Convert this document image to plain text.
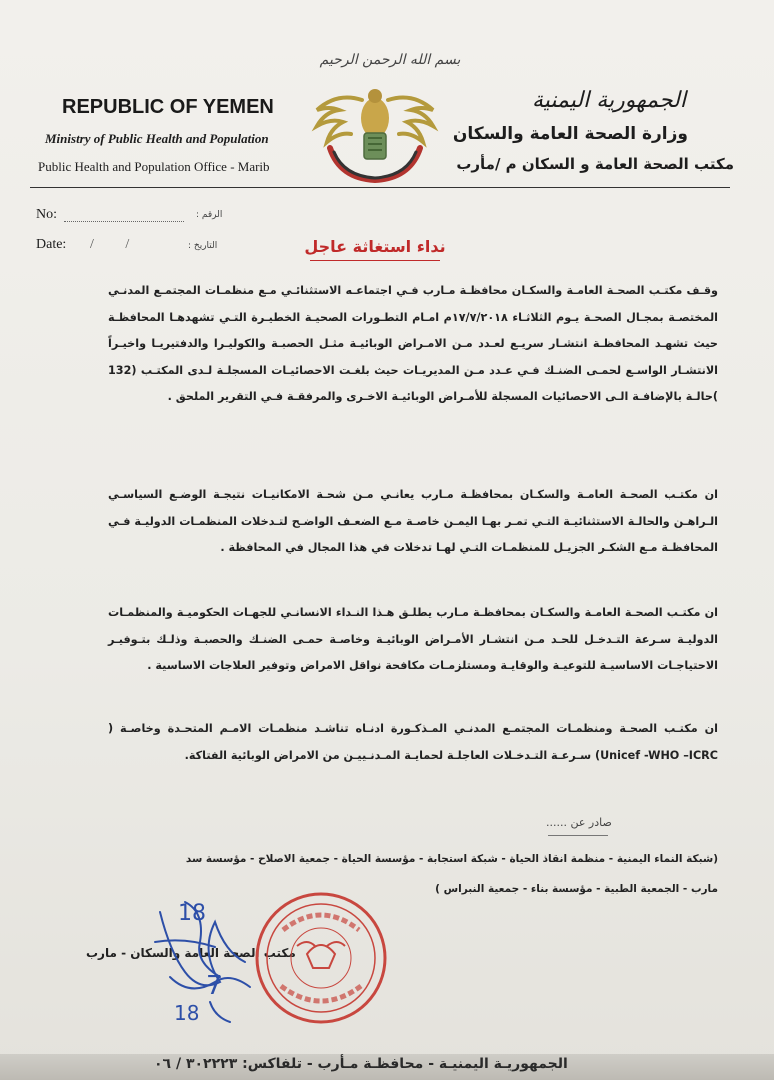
بسم الله الرحمن الرحيم
REPUBLIC OF YEMEN
Ministry of Public Health and Population
Public Health and Population Office - Marib
الجمهورية اليمنية
وزارة الصحة العامة والسكان
مكتب الصحة العامة و السكان م /مأرب
No:	الرقم :
Date: / /	التاريخ :	نداء استغاثة عاجل
وقـف مكتـب الصحـة العامـة والسكـان محافظـة مـارب فـي اجتماعـه الاستثنائـي مـع منظمـات المجتمـع المدنـي المختصـة بمجـال الصحـة يـوم الثلاثـاء ١٧/٧/٢٠١٨م امـام التطـورات الصحيـة الخطيـرة التـي تشهدهـا المحافظـة حيث تشهـد المحافظـة انتشـار سريـع لعـدد مـن الامـراض الوبائيـة مثـل الحصبـة والكوليـرا والدفتيريـا واخيـراً الانتشـار الواسـع لحمـى الضنـك فـي عـدد مـن المديريـات حيث بلغـت الاحصائيـات المسجلـة لـدى المكتـب (132 )حالـة بالإضافـة الـى الاحصائيات المسجلة للأمـراض الوبائيـة الاخـرى والمرفقـة فـي التقرير الملحق .
ان مكتـب الصحـة العامـة والسكـان بمحافظـة مـارب يعانـي مـن شحـة الامكانيـات نتيجـة الوضـع السياسـي الـراهـن والحالـة الاستثنائيـة التـي تمـر بهـا اليمـن خاصـة مـع الضعـف الواضـح لتـدخلات المنظمـات الدوليـة فـي المحافظـة مـع الشكـر الجزيـل للمنظمـات التـي لهـا تدخلات في هذا المجال في المحافظة .
ان مكتـب الصحـة العامـة والسكـان بمحافظـة مـارب يطلـق هـذا النـداء الانسانـي للجهـات الحكوميـة والمنظمـات الدوليـة سـرعة التـدخـل للحـد مـن انتشـار الأمـراض الوبائيـة وخاصـة حمـى الضنـك والحصبـة وذلـك بتـوفيـر الاحتياجـات الاساسيـة للتوعيـة والوقايـة ومستلزمـات مكافحة نواقل الامراض وتوفير العلاجات الاساسية .
ان مكتـب الصحـة ومنظمـات المجتمـع المدنـي المـذكـورة ادنـاه تناشـد منظمـات الامـم المتحـدة وخاصـة ( Unicef -WHO –ICRC) سـرعـة التـدخـلات العاجلـة لحمايـة المـدنـييـن من الامراض الوبائية الفتاكة.
صادر عن ......
(شبكة النماء اليمنية - منظمة انقاذ الحياة - شبكة استجابة - مؤسسة الحياة - جمعية الاصلاح - مؤسسة سد
مارب - الجمعية الطبية - مؤسسة بناء - جمعية النبراس )
مكتب الصحة العامة والسكان - مارب
18
18
7
الجمهوريـة اليمنيـة - محافظـة مـأرب - تلفاكس: ٣٠٢٢٢٣ / ٠٦
